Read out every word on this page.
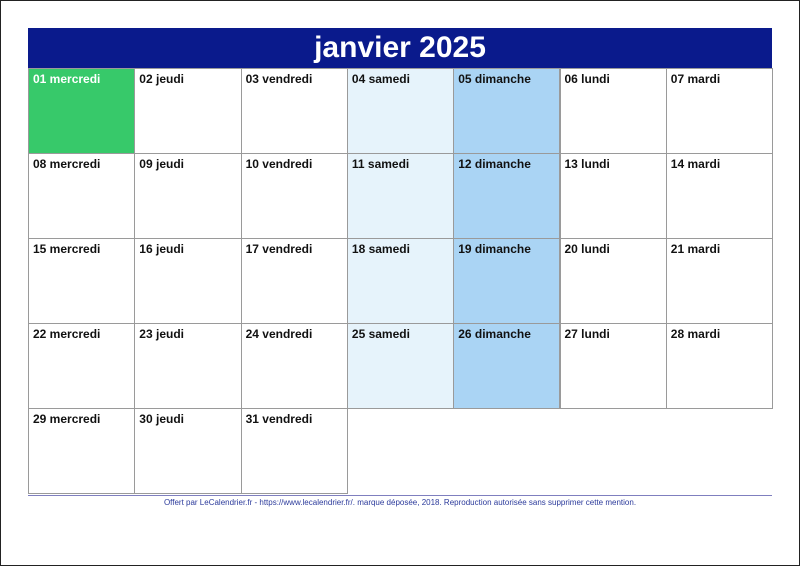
janvier 2025
01 mercredi	02 jeudi	03 vendredi	04 samedi	05 dimanche	06 lundi	07 mardi
08 mercredi	09 jeudi	10 vendredi	11 samedi	12 dimanche	13 lundi	14 mardi
15 mercredi	16 jeudi	17 vendredi	18 samedi	19 dimanche	20 lundi	21 mardi
22 mercredi	23 jeudi	24 vendredi	25 samedi	26 dimanche	27 lundi	28 mardi
29 mercredi	30 jeudi	31 vendredi
Offert par LeCalendrier.fr - https://www.lecalendrier.fr/. marque déposée, 2018. Reproduction autorisée sans supprimer cette mention.
